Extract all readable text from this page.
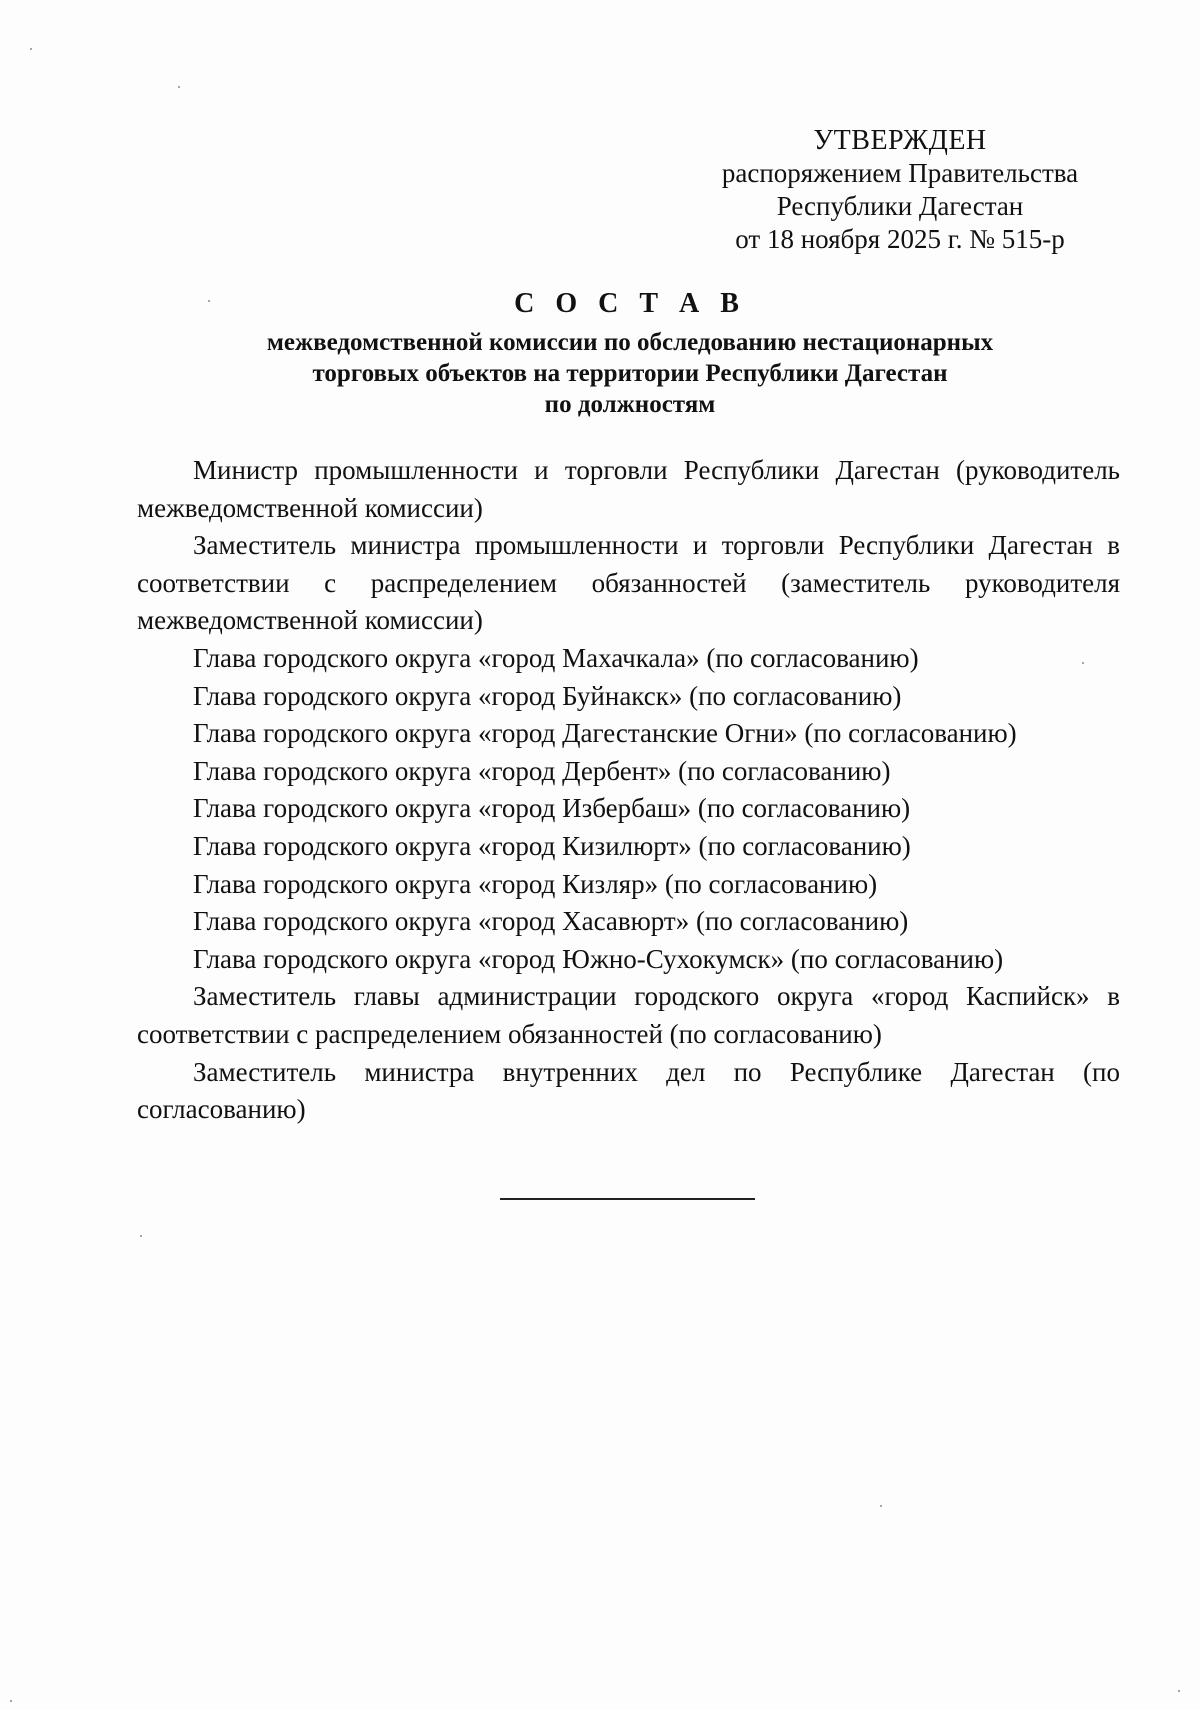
УТВЕРЖДЕН
распоряжением Правительства
Республики Дагестан
от 18 ноября 2025 г. № 515-р
С О С Т А В
межведомственной комиссии по обследованию нестационарных
торговых объектов на территории Республики Дагестан
по должностям

Министр промышленности и торговли Республики Дагестан (руководитель межведомственной комиссии)

Заместитель министра промышленности и торговли Республики Дагестан в соответствии с распределением обязанностей (заместитель руководителя межведомственной комиссии)

Глава городского округа «город Махачкала» (по согласованию)

Глава городского округа «город Буйнакск» (по согласованию)

Глава городского округа «город Дагестанские Огни» (по согласованию)

Глава городского округа «город Дербент» (по согласованию)

Глава городского округа «город Избербаш» (по согласованию)

Глава городского округа «город Кизилюрт» (по согласованию)

Глава городского округа «город Кизляр» (по согласованию)

Глава городского округа «город Хасавюрт» (по согласованию)

Глава городского округа «город Южно-Сухокумск» (по согласованию)

Заместитель главы администрации городского округа «город Каспийск» в соответствии с распределением обязанностей (по согласованию)

Заместитель министра внутренних дел по Республике Дагестан (по согласованию)
